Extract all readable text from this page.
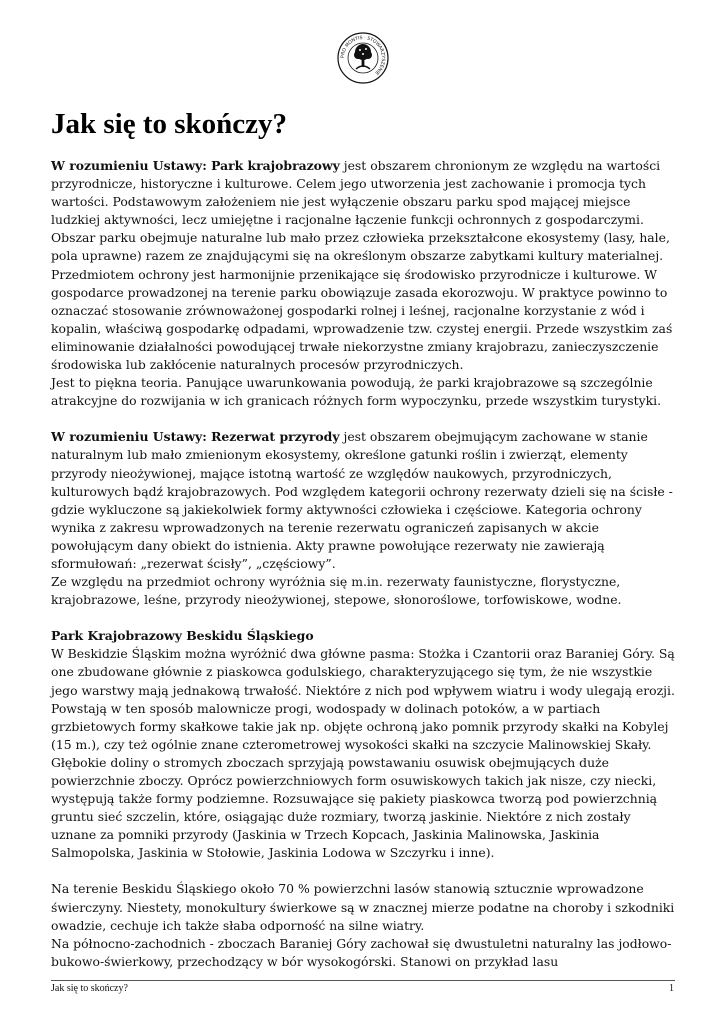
PRO MONTIS · STOWARZYSZENIE
Jak się to skończy?

W rozumieniu Ustawy: Park krajobrazowy jest obszarem chronionym ze względu na wartości przyrodnicze, historyczne i kulturowe. Celem jego utworzenia jest zachowanie i promocja tych wartości. Podstawowym założeniem nie jest wyłączenie obszaru parku spod mającej miejsce ludzkiej aktywności, lecz umiejętne i racjonalne łączenie funkcji ochronnych z gospodarczymi. Obszar parku obejmuje naturalne lub mało przez człowieka przekształcone ekosystemy (lasy, hale, pola uprawne) razem ze znajdującymi się na określonym obszarze zabytkami kultury materialnej. Przedmiotem ochrony jest harmonijnie przenikające się środowisko przyrodnicze i kulturowe. W gospodarce prowadzonej na terenie parku obowiązuje zasada ekorozwoju. W praktyce powinno to oznaczać stosowanie zrównoważonej gospodarki rolnej i leśnej, racjonalne korzystanie z wód i kopalin, właściwą gospodarkę odpadami, wprowadzenie tzw. czystej energii. Przede wszystkim zaś eliminowanie działalności powodującej trwałe niekorzystne zmiany krajobrazu, zanieczyszczenie środowiska lub zakłócenie naturalnych procesów przyrodniczych.

Jest to piękna teoria. Panujące uwarunkowania powodują, że parki krajobrazowe są szczególnie atrakcyjne do rozwijania w ich granicach różnych form wypoczynku, przede wszystkim turystyki.

W rozumieniu Ustawy: Rezerwat przyrody jest obszarem obejmującym zachowane w stanie naturalnym lub mało zmienionym ekosystemy, określone gatunki roślin i zwierząt, elementy przyrody nieożywionej, mające istotną wartość ze względów naukowych, przyrodniczych, kulturowych bądź krajobrazowych. Pod względem kategorii ochrony rezerwaty dzieli się na ścisłe - gdzie wykluczone są jakiekolwiek formy aktywności człowieka i częściowe. Kategoria ochrony wynika z zakresu wprowadzonych na terenie rezerwatu ograniczeń zapisanych w akcie powołującym dany obiekt do istnienia. Akty prawne powołujące rezerwaty nie zawierają sformułowań: „rezerwat ścisły”, „częściowy”.

Ze względu na przedmiot ochrony wyróżnia się m.in. rezerwaty faunistyczne, florystyczne, krajobrazowe, leśne, przyrody nieożywionej, stepowe, słonoroślowe, torfowiskowe, wodne.

Park Krajobrazowy Beskidu Śląskiego

W Beskidzie Śląskim można wyróżnić dwa główne pasma: Stożka i Czantorii oraz Baraniej Góry. Są one zbudowane głównie z piaskowca godulskiego, charakteryzującego się tym, że nie wszystkie jego warstwy mają jednakową trwałość. Niektóre z nich pod wpływem wiatru i wody ulegają erozji. Powstają w ten sposób malownicze progi, wodospady w dolinach potoków, a w partiach grzbietowych formy skałkowe takie jak np. objęte ochroną jako pomnik przyrody skałki na Kobylej (15 m.), czy też ogólnie znane czterometrowej wysokości skałki na szczycie Malinowskiej Skały. Głębokie doliny o stromych zboczach sprzyjają powstawaniu osuwisk obejmujących duże powierzchnie zboczy. Oprócz powierzchniowych form osuwiskowych takich jak nisze, czy niecki, występują także formy podziemne. Rozsuwające się pakiety piaskowca tworzą pod powierzchnią gruntu sieć szczelin, które, osiągając duże rozmiary, tworzą jaskinie. Niektóre z nich zostały uznane za pomniki przyrody (Jaskinia w Trzech Kopcach, Jaskinia Malinowska, Jaskinia Salmopolska, Jaskinia w Stołowie, Jaskinia Lodowa w Szczyrku i inne).

Na terenie Beskidu Śląskiego około 70 % powierzchni lasów stanowią sztucznie wprowadzone świerczyny. Niestety, monokultury świerkowe są w znacznej mierze podatne na choroby i szkodniki owadzie, cechuje ich także słaba odporność na silne wiatry.

Na północno-zachodnich - zboczach Baraniej Góry zachował się dwustuletni naturalny las jodłowo-bukowo-świerkowy, przechodzący w bór wysokogórski. Stanowi on przykład lasu

Jak się to skończy?	1
